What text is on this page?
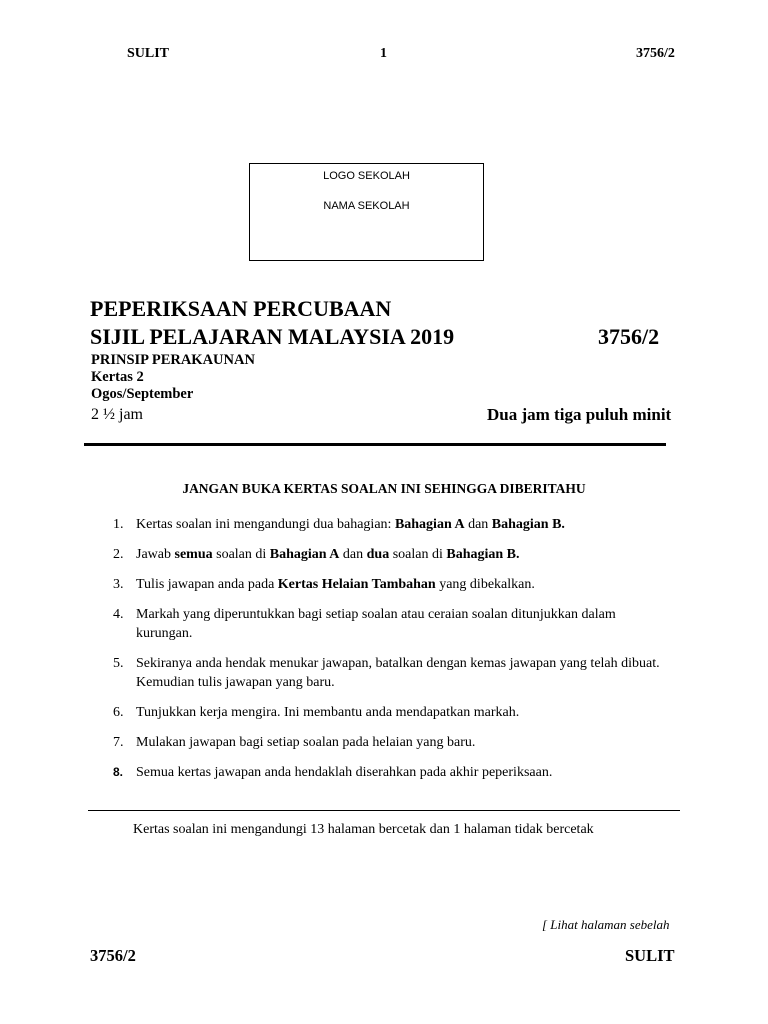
SULIT	1	3756/2
LOGO SEKOLAH
NAMA SEKOLAH
PEPERIKSAAN PERCUBAAN
SIJIL PELAJARAN MALAYSIA 2019	3756/2
PRINSIP PERAKAUNAN
Kertas 2
Ogos/September
2 ½ jam	Dua jam tiga puluh minit
JANGAN BUKA KERTAS SOALAN INI SEHINGGA DIBERITAHU
1. Kertas soalan ini mengandungi dua bahagian: Bahagian A dan Bahagian B.
2. Jawab semua soalan di Bahagian A dan dua soalan di Bahagian B.
3. Tulis jawapan anda pada Kertas Helaian Tambahan yang dibekalkan.
4. Markah yang diperuntukkan bagi setiap soalan atau ceraian soalan ditunjukkan dalam kurungan.
5. Sekiranya anda hendak menukar jawapan, batalkan dengan kemas jawapan yang telah dibuat. Kemudian tulis jawapan yang baru.
6. Tunjukkan kerja mengira. Ini membantu anda mendapatkan markah.
7. Mulakan jawapan bagi setiap soalan pada helaian yang baru.
8. Semua kertas jawapan anda hendaklah diserahkan pada akhir peperiksaan.
Kertas soalan ini mengandungi 13 halaman bercetak dan 1 halaman tidak bercetak
[ Lihat halaman sebelah
3756/2	SULIT
